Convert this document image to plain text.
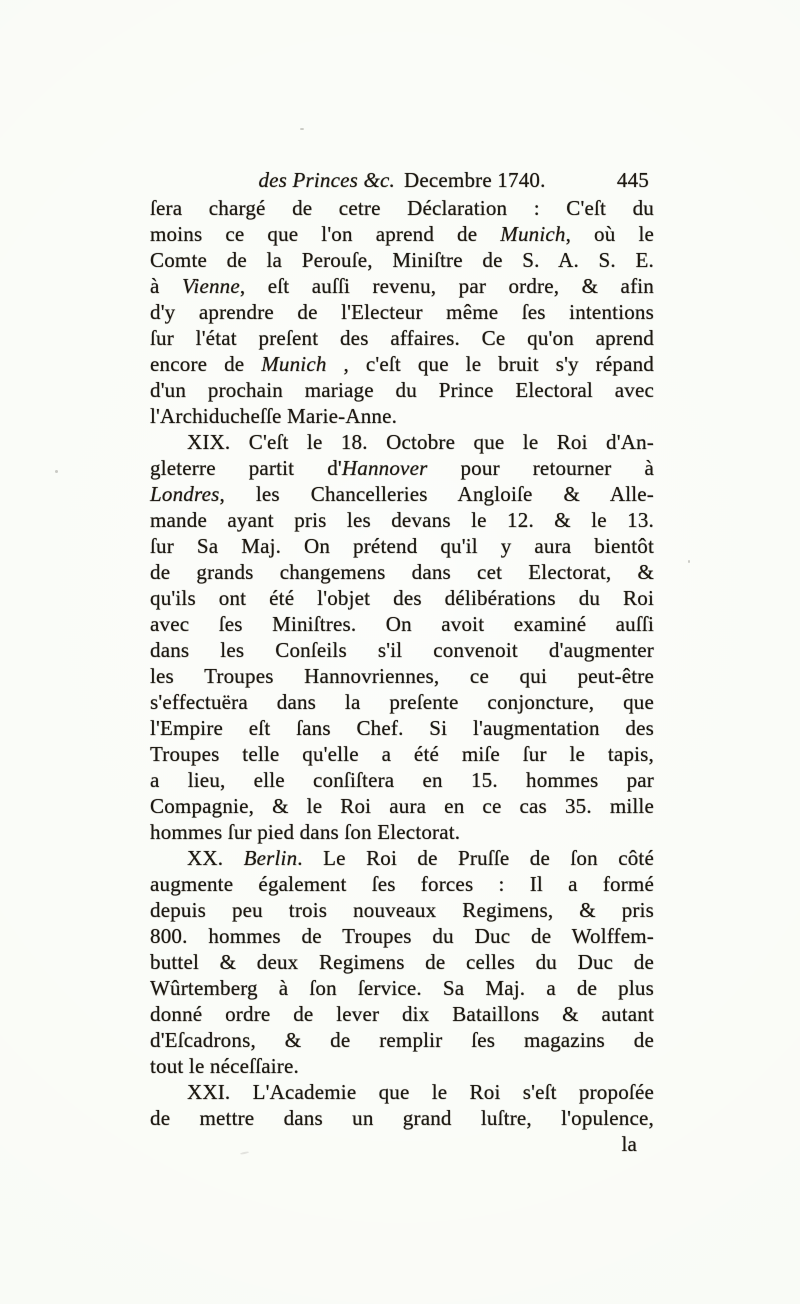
des Princes &c. Decembre 1740.	445
ſera chargé de cetre Déclaration : C'eſt du
moins ce que l'on aprend de Munich, où le
Comte de la Perouſe, Miniſtre de S. A. S. E.
à Vienne, eſt auſſi revenu, par ordre, & afin
d'y aprendre de l'Electeur même ſes intentions
ſur l'état preſent des affaires. Ce qu'on aprend
encore de Munich , c'eſt que le bruit s'y répand
d'un prochain mariage du Prince Electoral avec
l'Archiducheſſe Marie-Anne.
XIX. C'eſt le 18. Octobre que le Roi d'An-
gleterre partit d'Hannover pour retourner à
Londres, les Chancelleries Angloiſe & Alle-
mande ayant pris les devans le 12. & le 13.
ſur Sa Maj. On prétend qu'il y aura bientôt
de grands changemens dans cet Electorat, &
qu'ils ont été l'objet des délibérations du Roi
avec ſes Miniſtres. On avoit examiné auſſi
dans les Conſeils s'il convenoit d'augmenter
les Troupes Hannovriennes, ce qui peut-être
s'effectuëra dans la preſente conjoncture, que
l'Empire eſt ſans Chef. Si l'augmentation des
Troupes telle qu'elle a été miſe ſur le tapis,
a lieu, elle conſiſtera en 15. hommes par
Compagnie, & le Roi aura en ce cas 35. mille
hommes ſur pied dans ſon Electorat.
XX. Berlin. Le Roi de Pruſſe de ſon côté
augmente également ſes forces : Il a formé
depuis peu trois nouveaux Regimens, & pris
800. hommes de Troupes du Duc de Wolffem-
buttel & deux Regimens de celles du Duc de
Wûrtemberg à ſon ſervice. Sa Maj. a de plus
donné ordre de lever dix Bataillons & autant
d'Eſcadrons, & de remplir ſes magazins de
tout le néceſſaire.
XXI. L'Academie que le Roi s'eſt propoſée
de mettre dans un grand luſtre, l'opulence,
la
